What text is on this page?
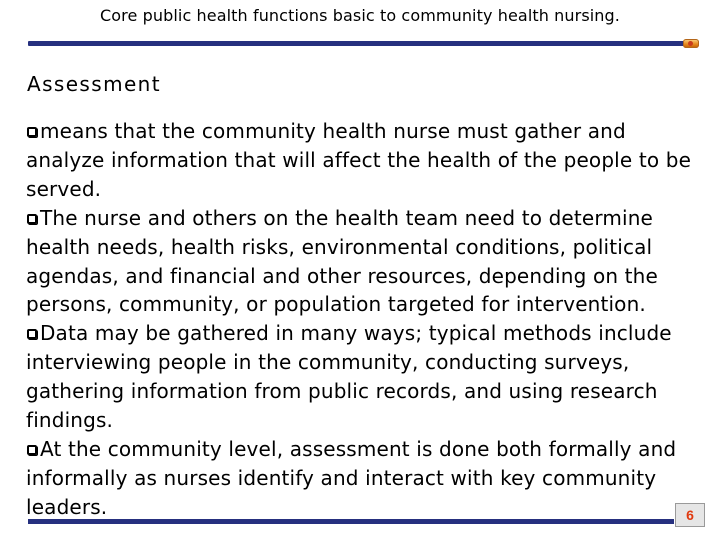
Core public health functions basic to community health nursing.
Assessment

means that the community health nurse must gather and analyze information that will affect the health of the people to be served.

The nurse and others on the health team need to determine health needs, health risks, environmental conditions, political agendas, and financial and other resources, depending on the persons, community, or population targeted for intervention.

Data may be gathered in many ways; typical methods include interviewing people in the community, conducting surveys, gathering information from public records, and using research findings.

At the community level, assessment is done both formally and informally as nurses identify and interact with key community leaders.	6
